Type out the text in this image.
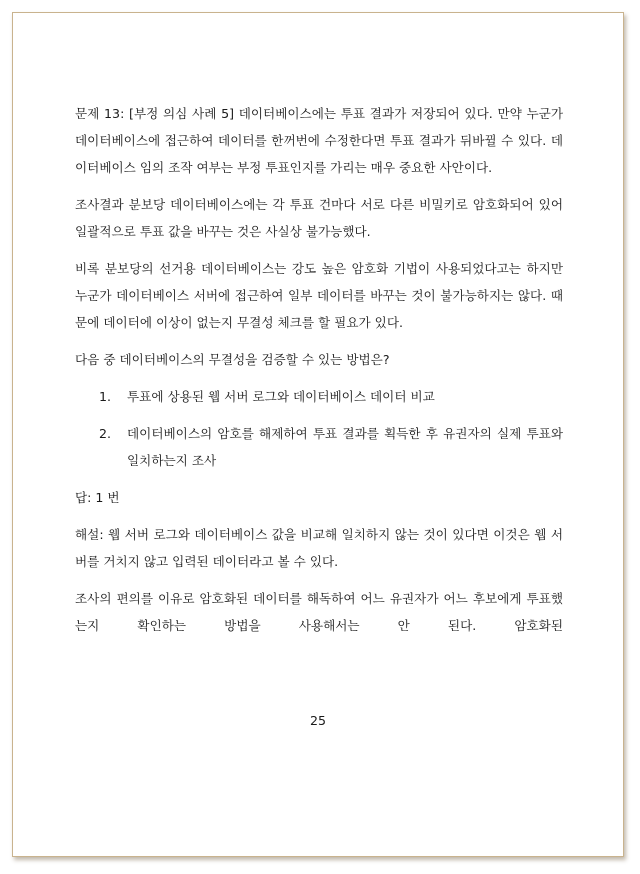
문제 13: [부정 의심 사례 5] 데이터베이스에는 투표 결과가 저장되어 있다. 만약 누군가 데이터베이스에 접근하여 데이터를 한꺼번에 수정한다면 투표 결과가 뒤바뀔 수 있다. 데이터베이스 임의 조작 여부는 부정 투표인지를 가리는 매우 중요한 사안이다.

조사결과 분보당 데이터베이스에는 각 투표 건마다 서로 다른 비밀키로 암호화되어 있어 일괄적으로 투표 값을 바꾸는 것은 사실상 불가능했다.

비록 분보당의 선거용 데이터베이스는 강도 높은 암호화 기법이 사용되었다고는 하지만 누군가 데이터베이스 서버에 접근하여 일부 데이터를 바꾸는 것이 불가능하지는 않다. 때문에 데이터에 이상이 없는지 무결성 체크를 할 필요가 있다.

다음 중 데이터베이스의 무결성을 검증할 수 있는 방법은?

1. 투표에 상용된 웹 서버 로그와 데이터베이스 데이터 비교
2. 데이터베이스의 암호를 해제하여 투표 결과를 획득한 후 유권자의 실제 투표와 일치하는지 조사

답: 1 번

해설: 웹 서버 로그와 데이터베이스 값을 비교해 일치하지 않는 것이 있다면 이것은 웹 서버를 거치지 않고 입력된 데이터라고 볼 수 있다.

조사의 편의를 이유로 암호화된 데이터를 해독하여 어느 유권자가 어느 후보에게 투표했는지 확인하는 방법을 사용해서는 안 된다. 암호화된

25
